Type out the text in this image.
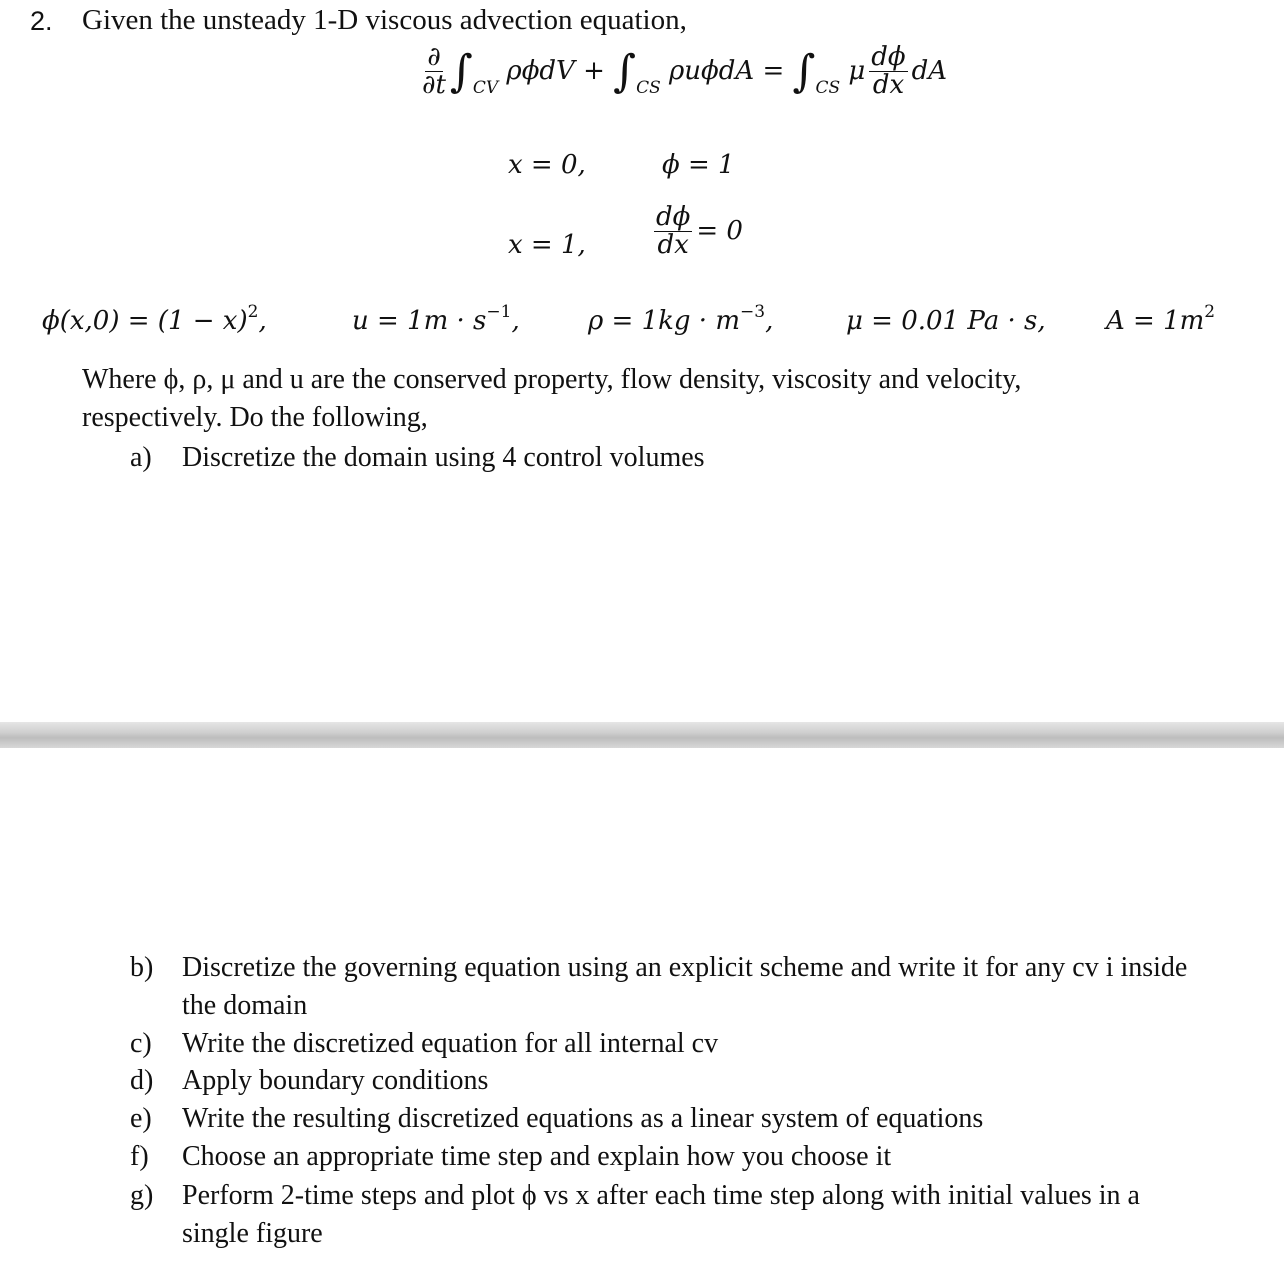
2. Given the unsteady 1-D viscous advection equation,
$\frac{\partial}{\partial t} \int_{CV}$ $\rho\phi dV + \int_{CS}$ $\rho u\phi dA = \int_{CS}$ μ $\frac{d\phi}{dx}$ dA
x = 0,	ϕ = 1
x = 1,	$\frac{d\phi}{dx} = 0$
$\phi(x,0) = (1 - x)^2$,	$u = 1m \cdot s^{-1}$,	$\rho = 1kg \cdot m^{-3}$,	μ = 0.01 Pa · s, $A = 1m^2$
Where ϕ, ρ, μ and u are the conserved property, flow density, viscosity and velocity,
respectively. Do the following,
a) Discretize the domain using 4 control volumes
b) Discretize the governing equation using an explicit scheme and write it for any cv i inside
the domain
c) Write the discretized equation for all internal cv
d) Apply boundary conditions
e) Write the resulting discretized equations as a linear system of equations
f) Choose an appropriate time step and explain how you choose it
g) Perform 2-time steps and plot ϕ vs x after each time step along with initial values in a
single figure
